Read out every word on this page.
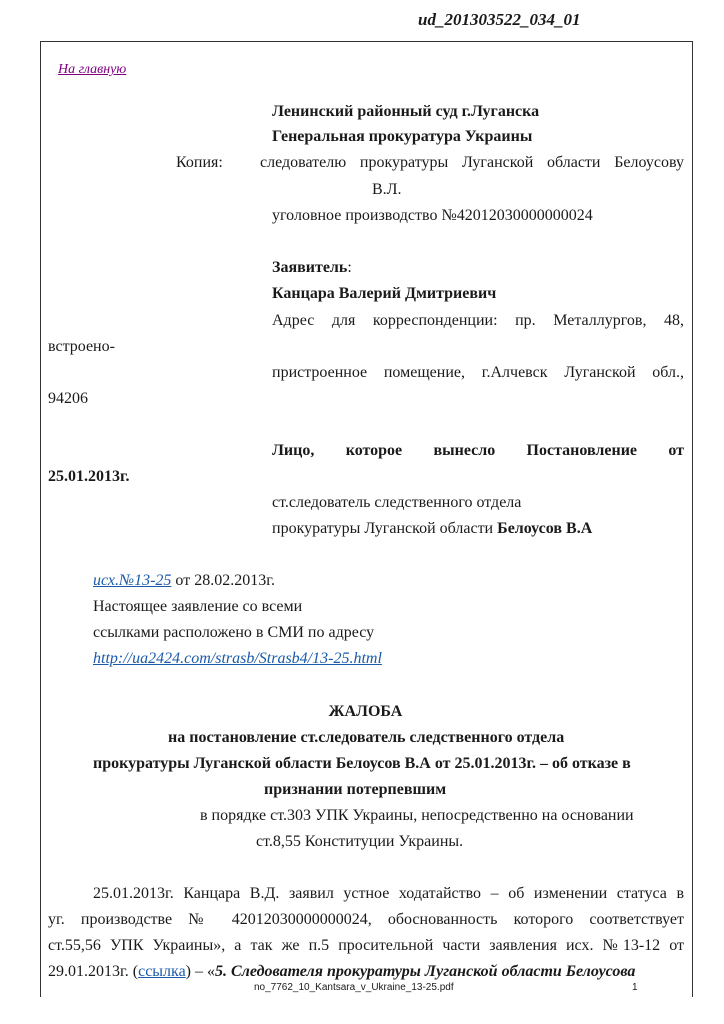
ud_201303522_034_01
На главную
Ленинский районный суд г.Луганска
Генеральная прокуратура Украины
Копия: следователю прокуратуры Луганской области Белоусову
В.Л.
уголовное производство №42012030000000024
Заявитель:
Канцара Валерий Дмитриевич
Адрес для корреспонденции: пр. Металлургов, 48,
встроено-
пристроенное помещение, г.Алчевск Луганской обл.,
94206
Лицо, которое вынесло Постановление от
25.01.2013г.
ст.следователь следственного отдела
прокуратуры Луганской области Белоусов В.А
исх.№13-25 от 28.02.2013г.
Настоящее заявление со всеми
ссылками расположено в СМИ по адресу
http://ua2424.com/strasb/Strasb4/13-25.html
ЖАЛОБА
на постановление ст.следователь следственного отдела
прокуратуры Луганской области Белоусов В.А от 25.01.2013г. – об отказе в
признании потерпевшим
в порядке ст.303 УПК Украины, непосредственно на основании
ст.8,55 Конституции Украины.
25.01.2013г. Канцара В.Д. заявил устное ходатайство – об изменении статуса в
уг. производстве № 42012030000000024, обоснованность которого соответствует
ст.55,56 УПК Украины», а так же п.5 просительной части заявления исх. №13-12 от
29.01.2013г. (ссылка) – «5. Следователя прокуратуры Луганской области Белоусова
no_7762_10_Kantsara_v_Ukraine_13-25.pdf	1
